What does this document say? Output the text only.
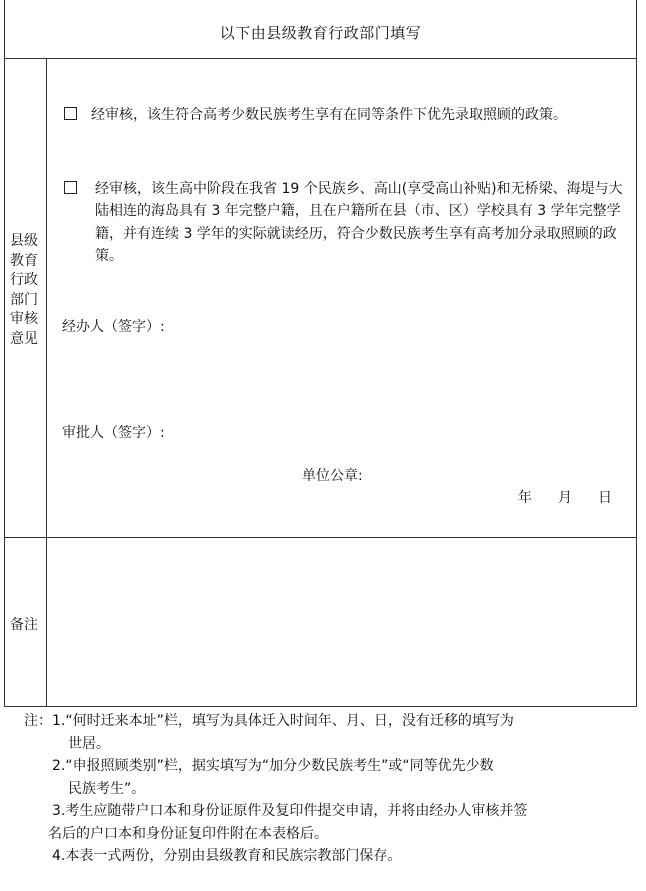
以下由县级教育行政部门填写
县级教育行政部门审核意见
经审核，该生符合高考少数民族考生享有在同等条件下优先录取照顾的政策。
经审核，该生高中阶段在我省 19 个民族乡、高山(享受高山补贴)和无桥梁、海堤与大陆相连的海岛具有 3 年完整户籍，且在户籍所在县（市、区）学校具有 3 学年完整学籍，并有连续 3 学年的实际就读经历，符合少数民族考生享有高考加分录取照顾的政策。
经办人（签字）:
审批人（签字）:
单位公章:
年 月 日
备注
注： 1.“何时迁来本址”栏，填写为具体迁入时间年、月、日，没有迁移的填写为
世居。
2.“申报照顾类别”栏，据实填写为“加分少数民族考生”或“同等优先少数
民族考生”。
3.考生应随带户口本和身份证原件及复印件提交申请，并将由经办人审核并签
名后的户口本和身份证复印件附在本表格后。
4.本表一式两份，分别由县级教育和民族宗教部门保存。
